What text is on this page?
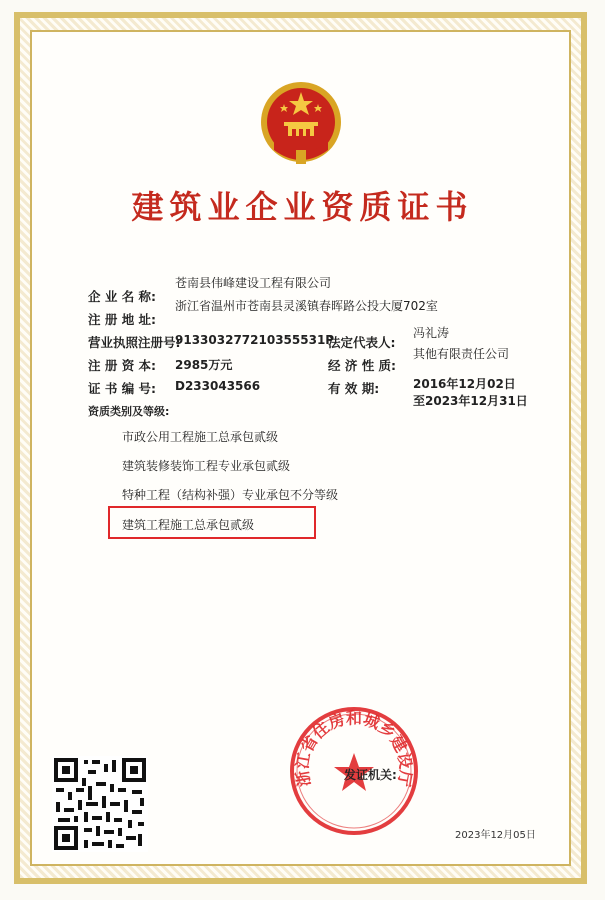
建筑业企业资质证书
企 业 名 称:
苍南县伟峰建设工程有限公司
注 册 地 址:
浙江省温州市苍南县灵溪镇春晖路公投大厦702室
营业执照注册号:
913303277210355531P
法定代表人:
冯礼涛
注 册 资 本: 2985万元	经 济 性 质:
其他有限责任公司
证 书 编 号: D233043566	有 效 期:	2016年12月02日
至2023年12月31日
资质类别及等级:
市政公用工程施工总承包贰级
建筑装修装饰工程专业承包贰级
特种工程（结构补强）专业承包不分等级
建筑工程施工总承包贰级
浙江省住房和城乡建设厅
发证机关:
2023年12月05日
